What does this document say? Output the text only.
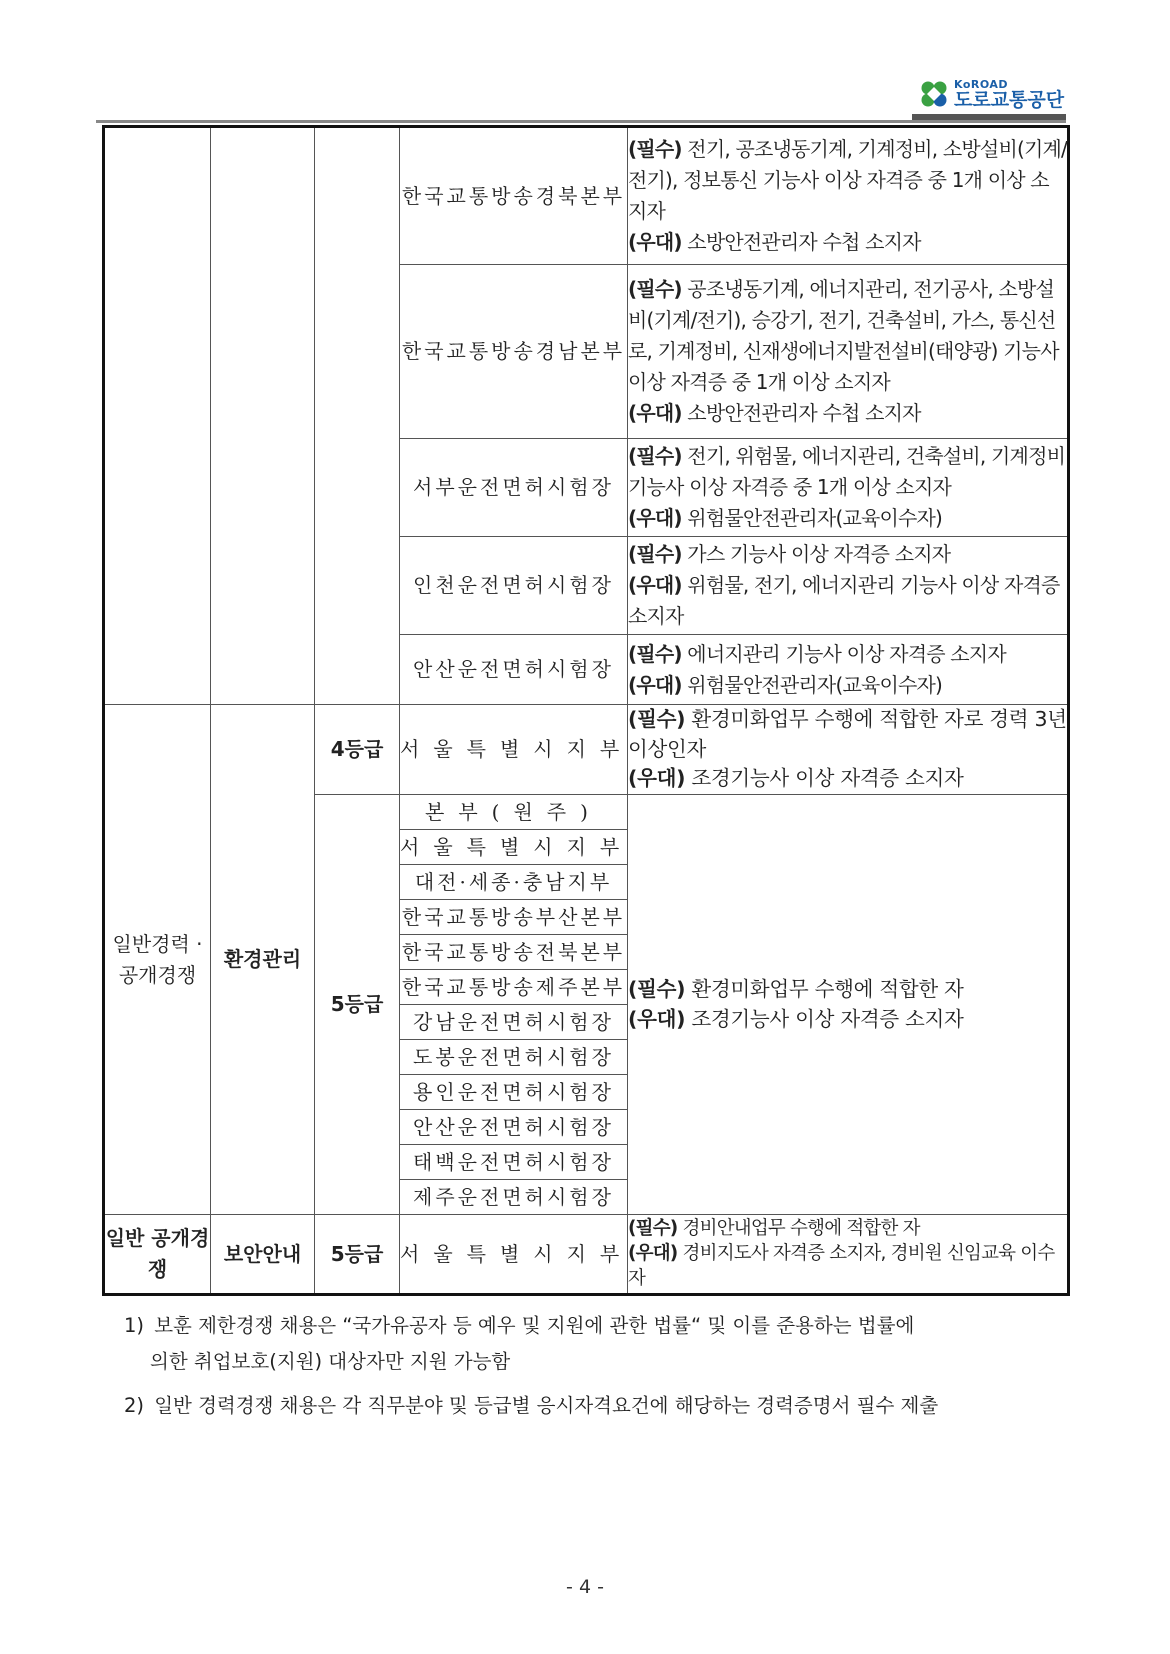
KoROAD
도로교통공단
			한국교통방송경북본부	(필수) 전기, 공조냉동기계, 기계정비, 소방설비(기계/전기), 정보통신 기능사 이상 자격증 중 1개 이상 소지자
(우대) 소방안전관리자 수첩 소지자
			한국교통방송경남본부	(필수) 공조냉동기계, 에너지관리, 전기공사, 소방설비(기계/전기), 승강기, 전기, 건축설비, 가스, 통신선로, 기계정비, 신재생에너지발전설비(태양광) 기능사 이상 자격증 중 1개 이상 소지자
(우대) 소방안전관리자 수첩 소지자
			서부운전면허시험장	(필수) 전기, 위험물, 에너지관리, 건축설비, 기계정비 기능사 이상 자격증 중 1개 이상 소지자
(우대) 위험물안전관리자(교육이수자)
			인천운전면허시험장	(필수) 가스 기능사 이상 자격증 소지자
(우대) 위험물, 전기, 에너지관리 기능사 이상 자격증 소지자
			안산운전면허시험장	(필수) 에너지관리 기능사 이상 자격증 소지자
(우대) 위험물안전관리자(교육이수자)
일반경력 · 공개경쟁	환경관리	4등급	서울특별시지부	(필수) 환경미화업무 수행에 적합한 자로 경력 3년 이상인자
(우대) 조경기능사 이상 자격증 소지자
		5등급	본부(원주)	(필수) 환경미화업무 수행에 적합한 자
(우대) 조경기능사 이상 자격증 소지자
			서울특별시지부	
			대전·세종·충남지부	
			한국교통방송부산본부	
			한국교통방송전북본부	
			한국교통방송제주본부	
			강남운전면허시험장	
			도봉운전면허시험장	
			용인운전면허시험장	
			안산운전면허시험장	
			태백운전면허시험장	
			제주운전면허시험장	
일반 공개경쟁	보안안내	5등급	서울특별시지부	(필수) 경비안내업무 수행에 적합한 자
(우대) 경비지도사 자격증 소지자, 경비원 신임교육 이수자
1) 보훈 제한경쟁 채용은 “국가유공자 등 예우 및 지원에 관한 법률“ 및 이를 준용하는 법률에
의한 취업보호(지원) 대상자만 지원 가능함
2) 일반 경력경쟁 채용은 각 직무분야 및 등급별 응시자격요건에 해당하는 경력증명서 필수 제출
- 4 -
